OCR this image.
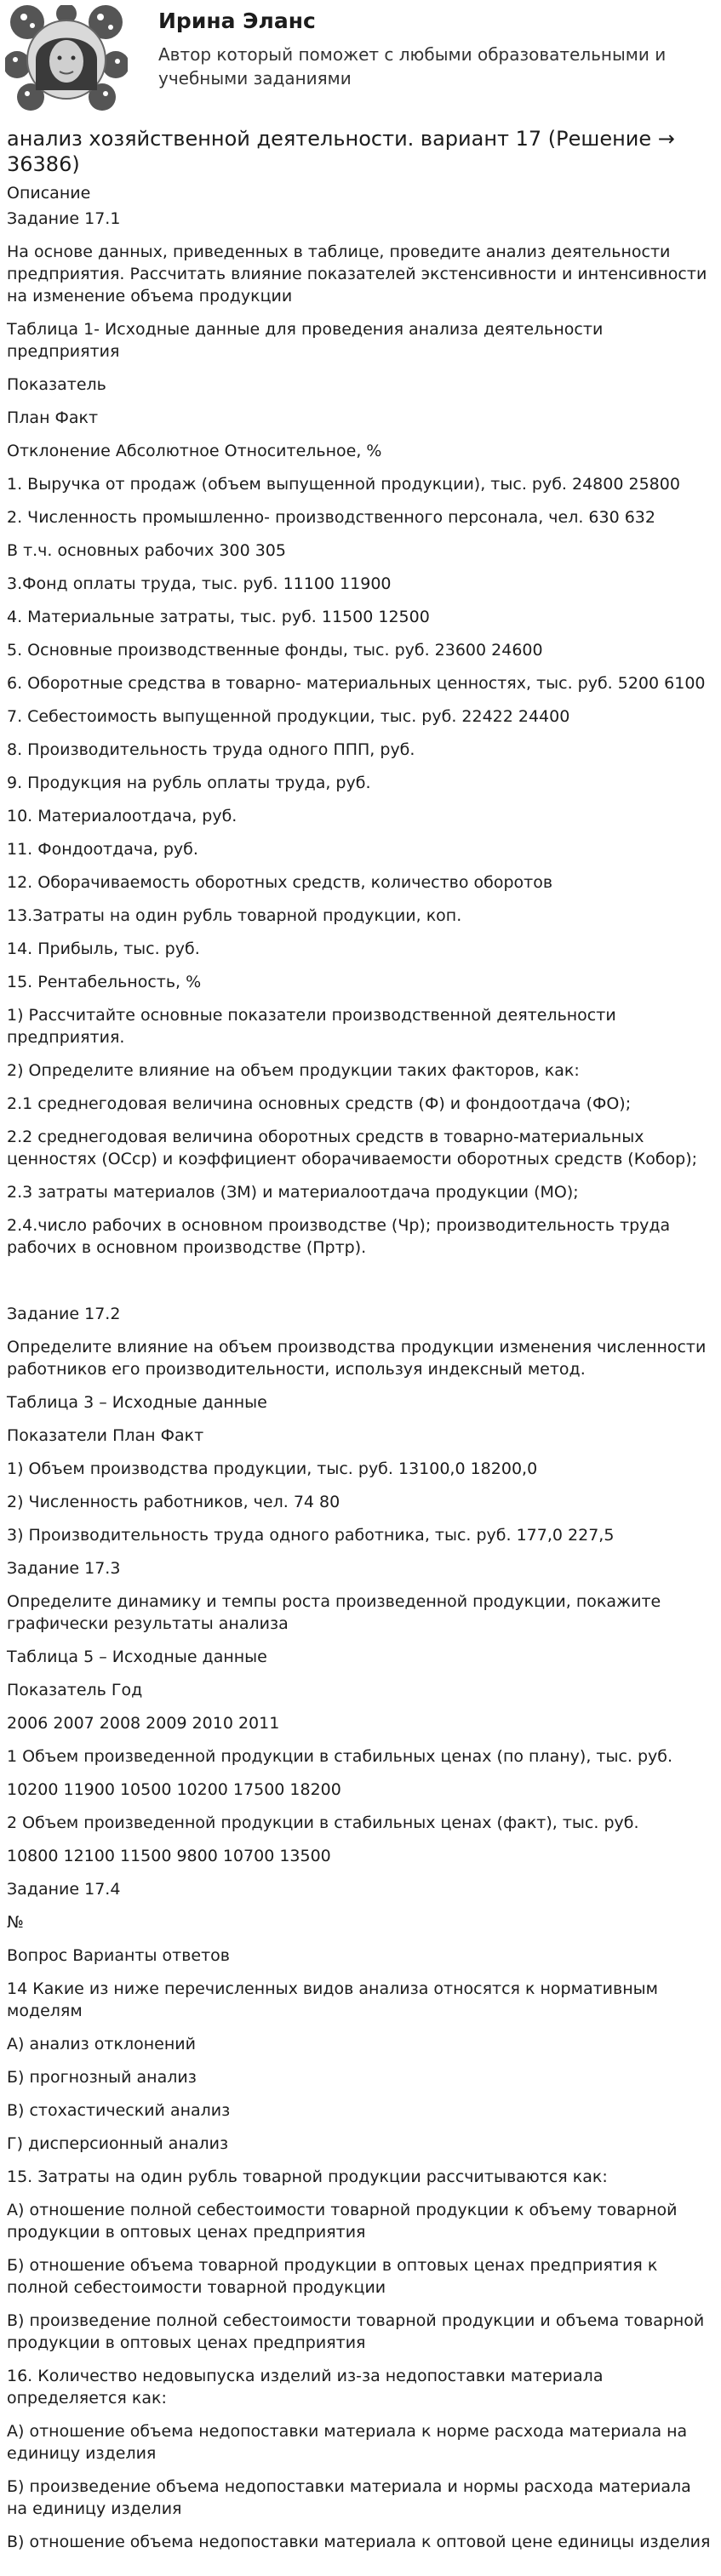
Ирина Эланс
Автор который поможет с любыми образовательными и учебными заданиями
анализ хозяйственной деятельности. вариант 17 (Решение → 36386)
Описание
Задание 17.1
На основе данных, приведенных в таблице, проведите анализ деятельности предприятия. Рассчитать влияние показателей экстенсивности и интенсивности на изменение объема продукции
Таблица 1- Исходные данные для проведения анализа деятельности предприятия
Показатель
План Факт
Отклонение Абсолютное Относительное, %
1. Выручка от продаж (объем выпущенной продукции), тыс. руб. 24800 25800
2. Численность промышленно- производственного персонала, чел. 630 632
В т.ч. основных рабочих 300 305
3.Фонд оплаты труда, тыс. руб. 11100 11900
4. Материальные затраты, тыс. руб. 11500 12500
5. Основные производственные фонды, тыс. руб. 23600 24600
6. Оборотные средства в товарно- материальных ценностях, тыс. руб. 5200 6100
7. Себестоимость выпущенной продукции, тыс. руб. 22422 24400
8. Производительность труда одного ППП, руб.
9. Продукция на рубль оплаты труда, руб.
10. Материалоотдача, руб.
11. Фондоотдача, руб.
12. Оборачиваемость оборотных средств, количество оборотов
13.Затраты на один рубль товарной продукции, коп.
14. Прибыль, тыс. руб.
15. Рентабельность, %
1) Рассчитайте основные показатели производственной деятельности предприятия.
2) Определите влияние на объем продукции таких факторов, как:
2.1 среднегодовая величина основных средств (Ф) и фондоотдача (ФО);
2.2 среднегодовая величина оборотных средств в товарно-материальных ценностях (ОСср) и коэффициент оборачиваемости оборотных средств (Кобор);
2.3 затраты материалов (ЗМ) и материалоотдача продукции (МО);
2.4.число рабочих в основном производстве (Чр); производительность труда рабочих в основном производстве (Пртр).
Задание 17.2
Определите влияние на объем производства продукции изменения численности работников его производительности, используя индексный метод.
Таблица 3 – Исходные данные
Показатели План Факт
1) Объем производства продукции, тыс. руб. 13100,0 18200,0
2) Численность работников, чел. 74 80
3) Производительность труда одного работника, тыс. руб. 177,0 227,5
Задание 17.3
Определите динамику и темпы роста произведенной продукции, покажите графически результаты анализа
Таблица 5 – Исходные данные
Показатель Год
2006 2007 2008 2009 2010 2011
1 Объем произведенной продукции в стабильных ценах (по плану), тыс. руб.
10200 11900 10500 10200 17500 18200
2 Объем произведенной продукции в стабильных ценах (факт), тыс. руб.
10800 12100 11500 9800 10700 13500
Задание 17.4
№
Вопрос Варианты ответов
14 Какие из ниже перечисленных видов анализа относятся к нормативным моделям
А) анализ отклонений
Б) прогнозный анализ
В) стохастический анализ
Г) дисперсионный анализ
15. Затраты на один рубль товарной продукции рассчитываются как:
А) отношение полной себестоимости товарной продукции к объему товарной продукции в оптовых ценах предприятия
Б) отношение объема товарной продукции в оптовых ценах предприятия к полной себестоимости товарной продукции
В) произведение полной себестоимости товарной продукции и объема товарной продукции в оптовых ценах предприятия
16. Количество недовыпуска изделий из-за недопоставки материала определяется как:
А) отношение объема недопоставки материала к норме расхода материала на единицу изделия
Б) произведение объема недопоставки материала и нормы расхода материала на единицу изделия
В) отношение объема недопоставки материала к оптовой цене единицы изделия
